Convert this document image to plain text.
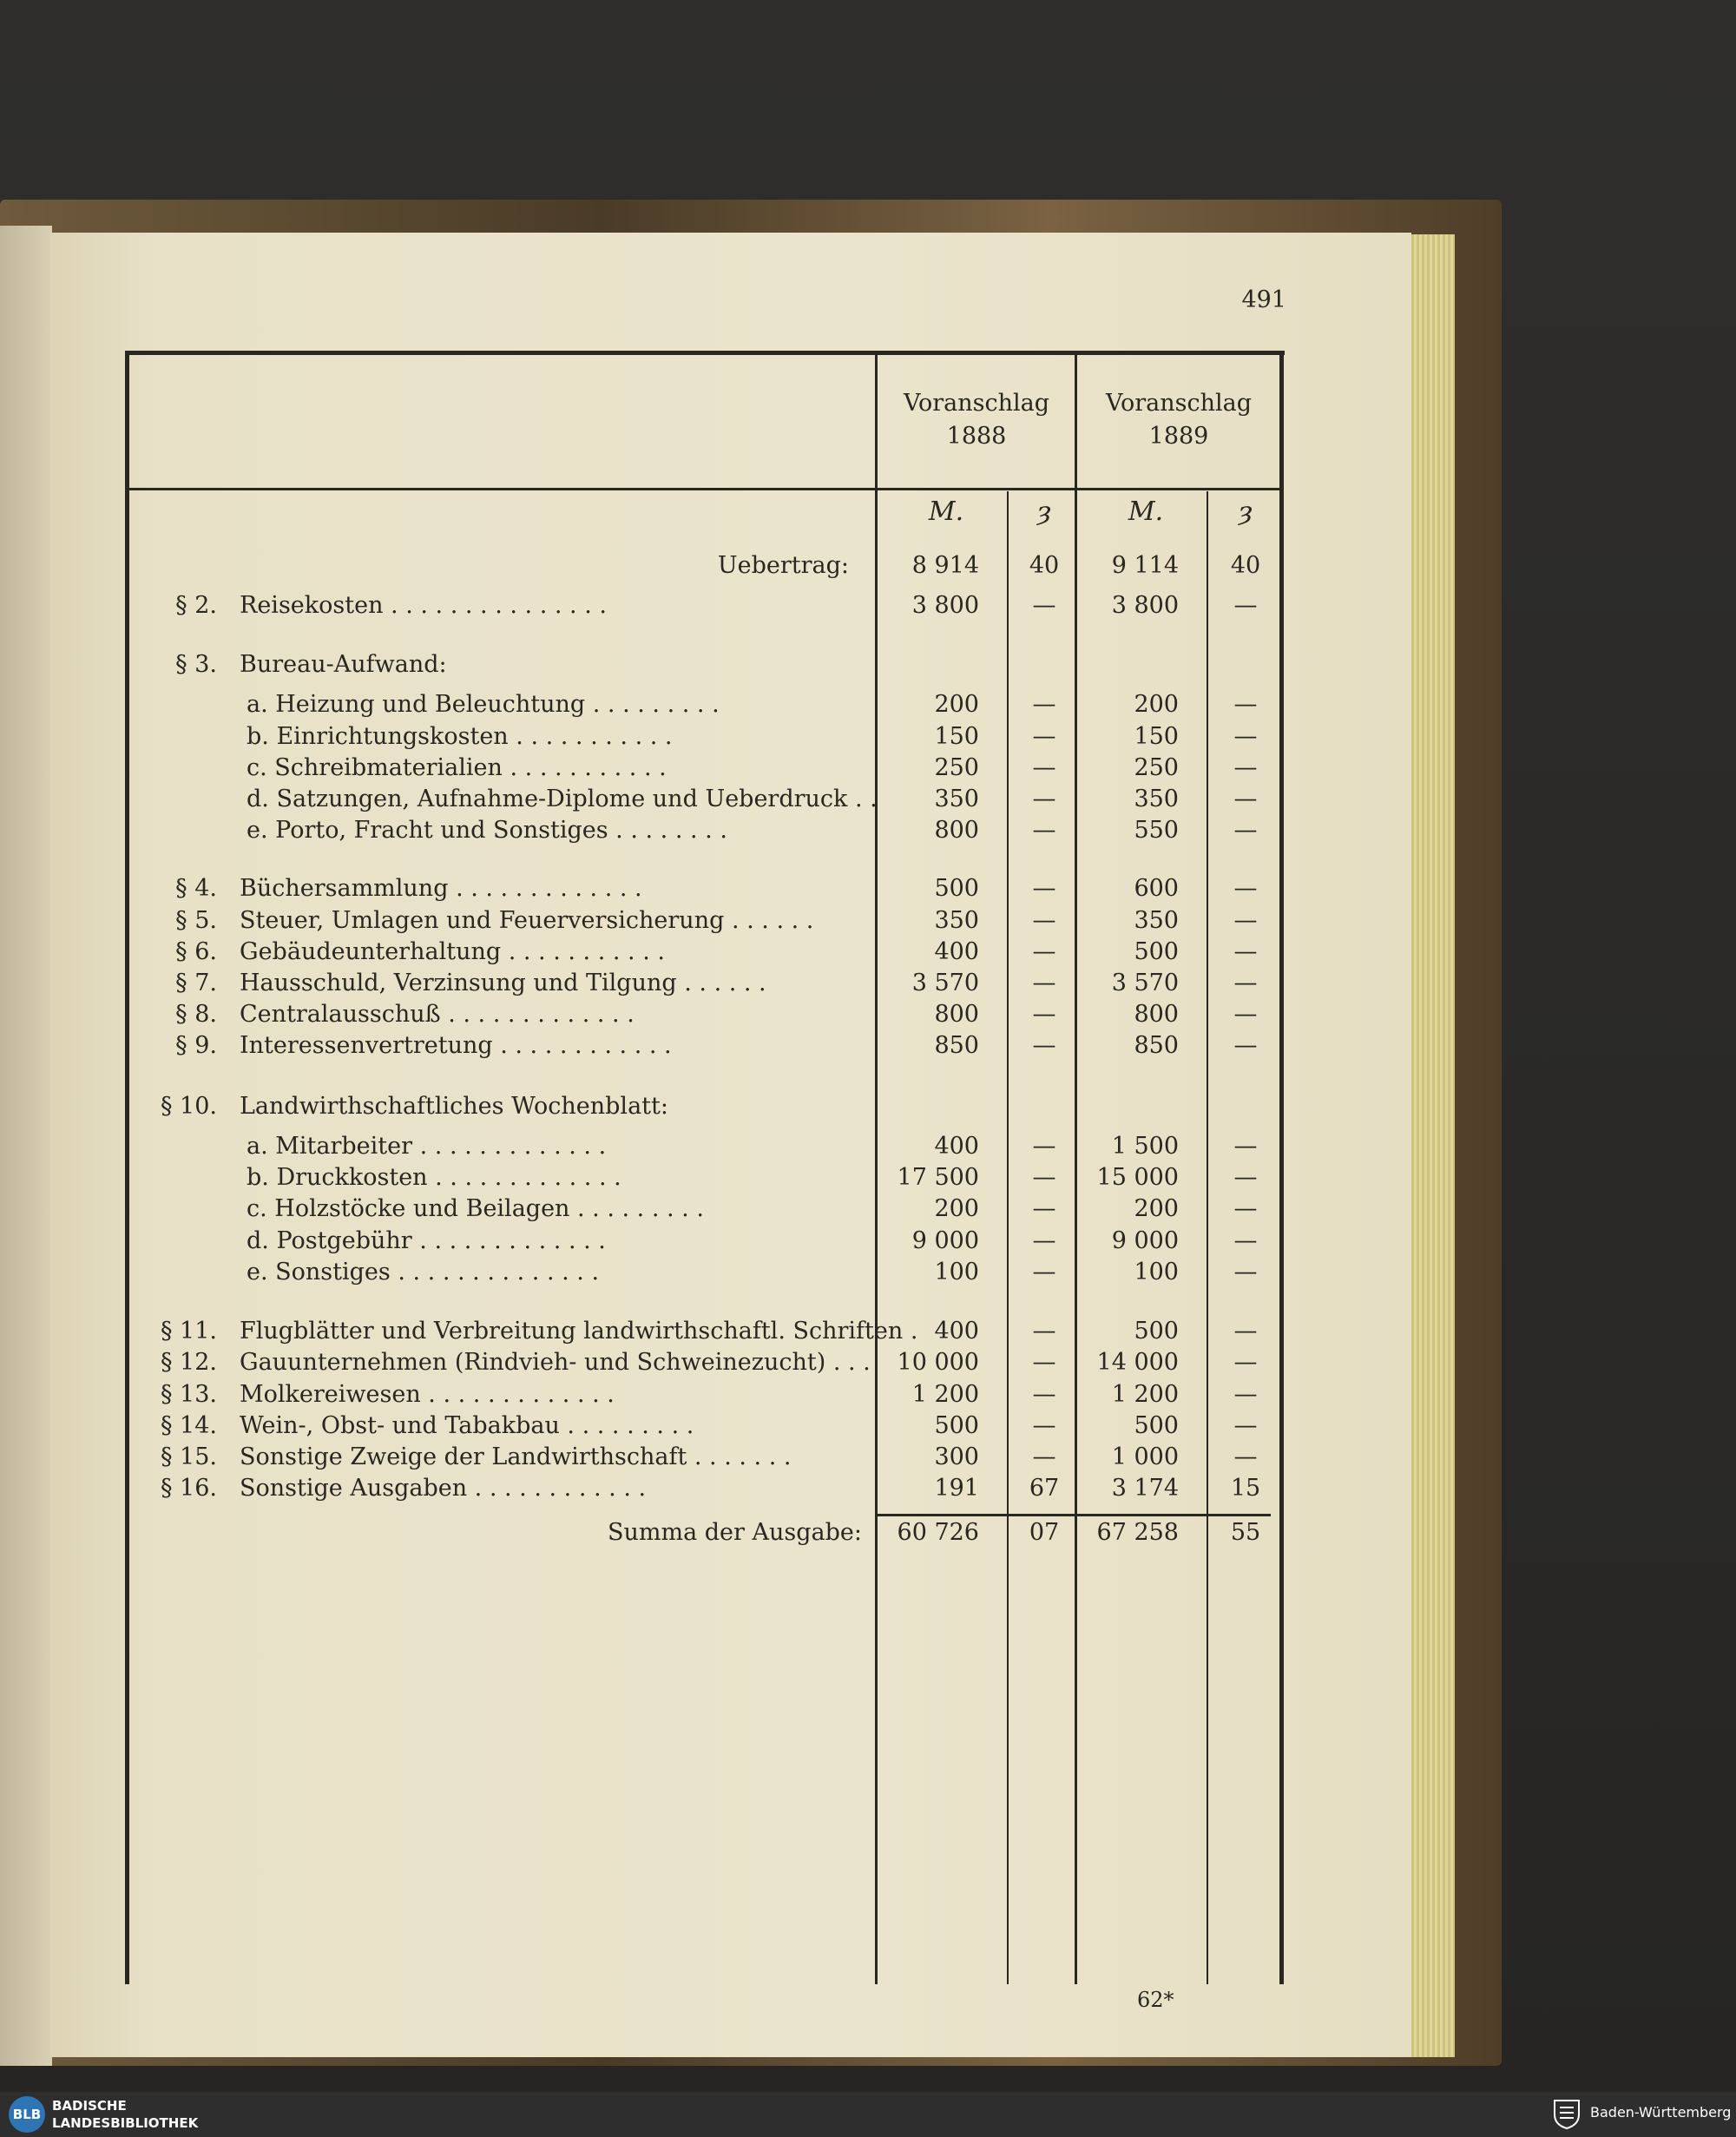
491
Voranschlag
1888
Voranschlag
1889
M.	ȝ	M.	ȝ
Uebertrag:	8 914	40	9 114	40
§ 2. Reisekosten . . . . . . . . . . . . . . .	3 800	—	3 800	—
§ 3. Bureau-Aufwand:
a. Heizung und Beleuchtung . . . . . . . . .	200	—	200	—
b. Einrichtungskosten . . . . . . . . . . .	150	—	150	—
c. Schreibmaterialien . . . . . . . . . . .	250	—	250	—
d. Satzungen, Aufnahme-Diplome und Ueberdruck . .	350	—	350	—
e. Porto, Fracht und Sonstiges . . . . . . . .	800	—	550	—
§ 4. Büchersammlung . . . . . . . . . . . . .	500	—	600	—
§ 5. Steuer, Umlagen und Feuerversicherung . . . . . .	350	—	350	—
§ 6. Gebäudeunterhaltung . . . . . . . . . . .	400	—	500	—
§ 7. Hausschuld, Verzinsung und Tilgung . . . . . .	3 570	—	3 570	—
§ 8. Centralausschuß . . . . . . . . . . . . .	800	—	800	—
§ 9. Interessenvertretung . . . . . . . . . . . .	850	—	850	—
§ 10. Landwirthschaftliches Wochenblatt:
a. Mitarbeiter . . . . . . . . . . . . .	400	—	1 500	—
b. Druckkosten . . . . . . . . . . . . .	17 500	—	15 000	—
c. Holzstöcke und Beilagen . . . . . . . . .	200	—	200	—
d. Postgebühr . . . . . . . . . . . . .	9 000	—	9 000	—
e. Sonstiges . . . . . . . . . . . . . .	100	—	100	—
§ 11. Flugblätter und Verbreitung landwirthschaftl. Schriften . 400	—	500	—
§ 12. Gauunternehmen (Rindvieh- und Schweinezucht) . . .	10 000	—	14 000	—
§ 13. Molkereiwesen . . . . . . . . . . . . .	1 200	—	1 200	—
§ 14. Wein-, Obst- und Tabakbau . . . . . . . . .	500	—	500	—
§ 15. Sonstige Zweige der Landwirthschaft . . . . . . .	300	—	1 000	—
§ 16. Sonstige Ausgaben . . . . . . . . . . . .	191	67	3 174	15
Summa der Ausgabe:	60 726	07	67 258	55
62*
BLB
BADISCHE
LANDESBIBLIOTHEK
Baden-Württemberg
